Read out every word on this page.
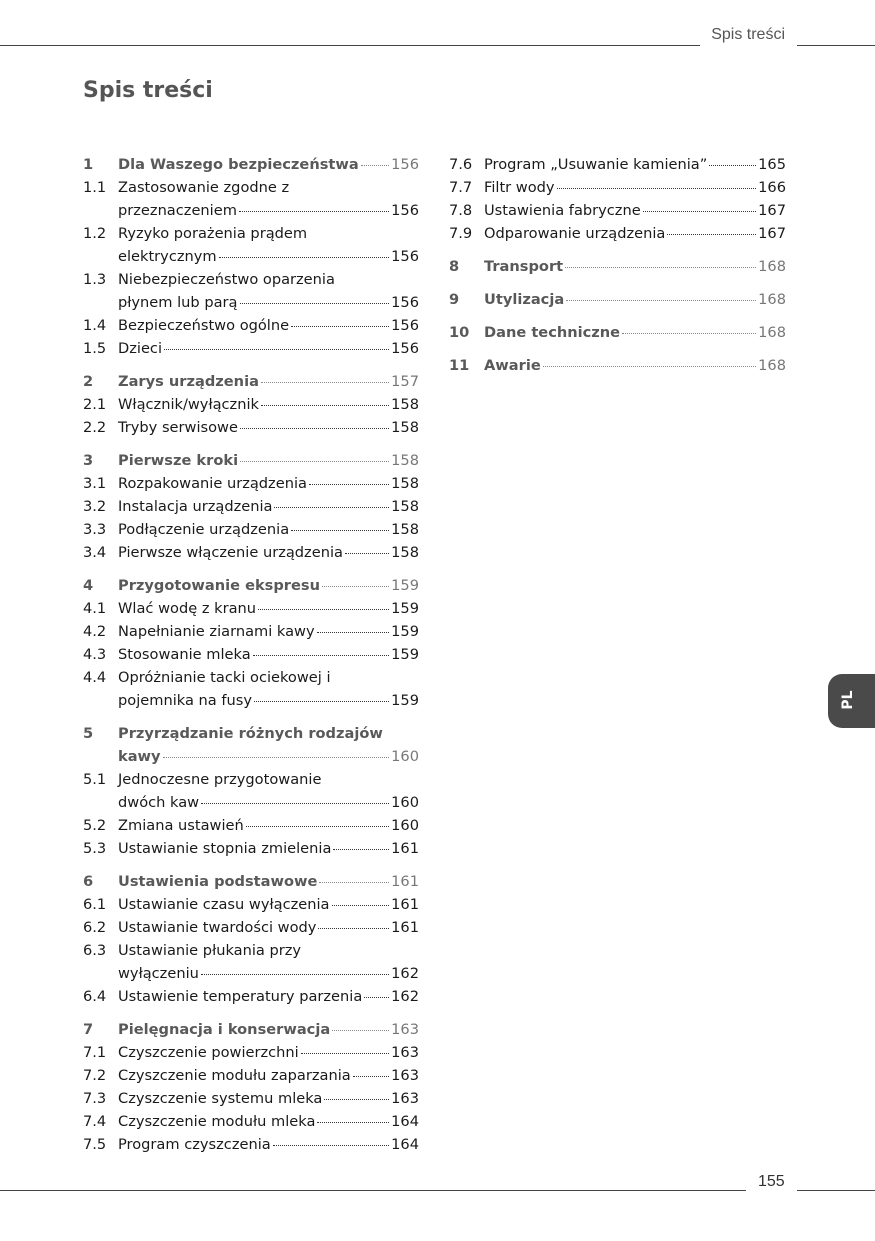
Spis treści
Spis treści
1	Dla Waszego bezpieczeństwa 156
1.1 Zastosowanie zgodne z
przeznaczeniem	156
1.2 Ryzyko porażenia prądem
elektrycznym	156
1.3 Niebezpieczeństwo oparzenia
płynem lub parą	156
1.4 Bezpieczeństwo ogólne	156
1.5 Dzieci	156
2	Zarys urządzenia	157
2.1 Włącznik/wyłącznik	158
2.2 Tryby serwisowe	158
3	Pierwsze kroki	158
3.1 Rozpakowanie urządzenia	158
3.2 Instalacja urządzenia	158
3.3 Podłączenie urządzenia	158
3.4 Pierwsze włączenie urządzenia	158
4	Przygotowanie ekspresu	159
4.1 Wlać wodę z kranu	159
4.2 Napełnianie ziarnami kawy	159
4.3 Stosowanie mleka	159
4.4 Opróżnianie tacki ociekowej i
pojemnika na fusy	159
5	Przyrządzanie różnych rodzajów
kawy	160
5.1 Jednoczesne przygotowanie
dwóch kaw	160
5.2 Zmiana ustawień	160
5.3 Ustawianie stopnia zmielenia	161
6	Ustawienia podstawowe	161
6.1 Ustawianie czasu wyłączenia	161
6.2 Ustawianie twardości wody	161
6.3 Ustawianie płukania przy
wyłączeniu	162
6.4 Ustawienie temperatury parzenia 162
7	Pielęgnacja i konserwacja	163
7.1 Czyszczenie powierzchni	163
7.2 Czyszczenie modułu zaparzania	163
7.3 Czyszczenie systemu mleka	163
7.4 Czyszczenie modułu mleka	164
7.5 Program czyszczenia	164
7.6 Program „Usuwanie kamienia”	165
7.7 Filtr wody	166
7.8 Ustawienia fabryczne	167
7.9 Odparowanie urządzenia	167
8	Transport	168
9	Utylizacja	168
10	Dane techniczne	168
11	Awarie	168
PL
155
